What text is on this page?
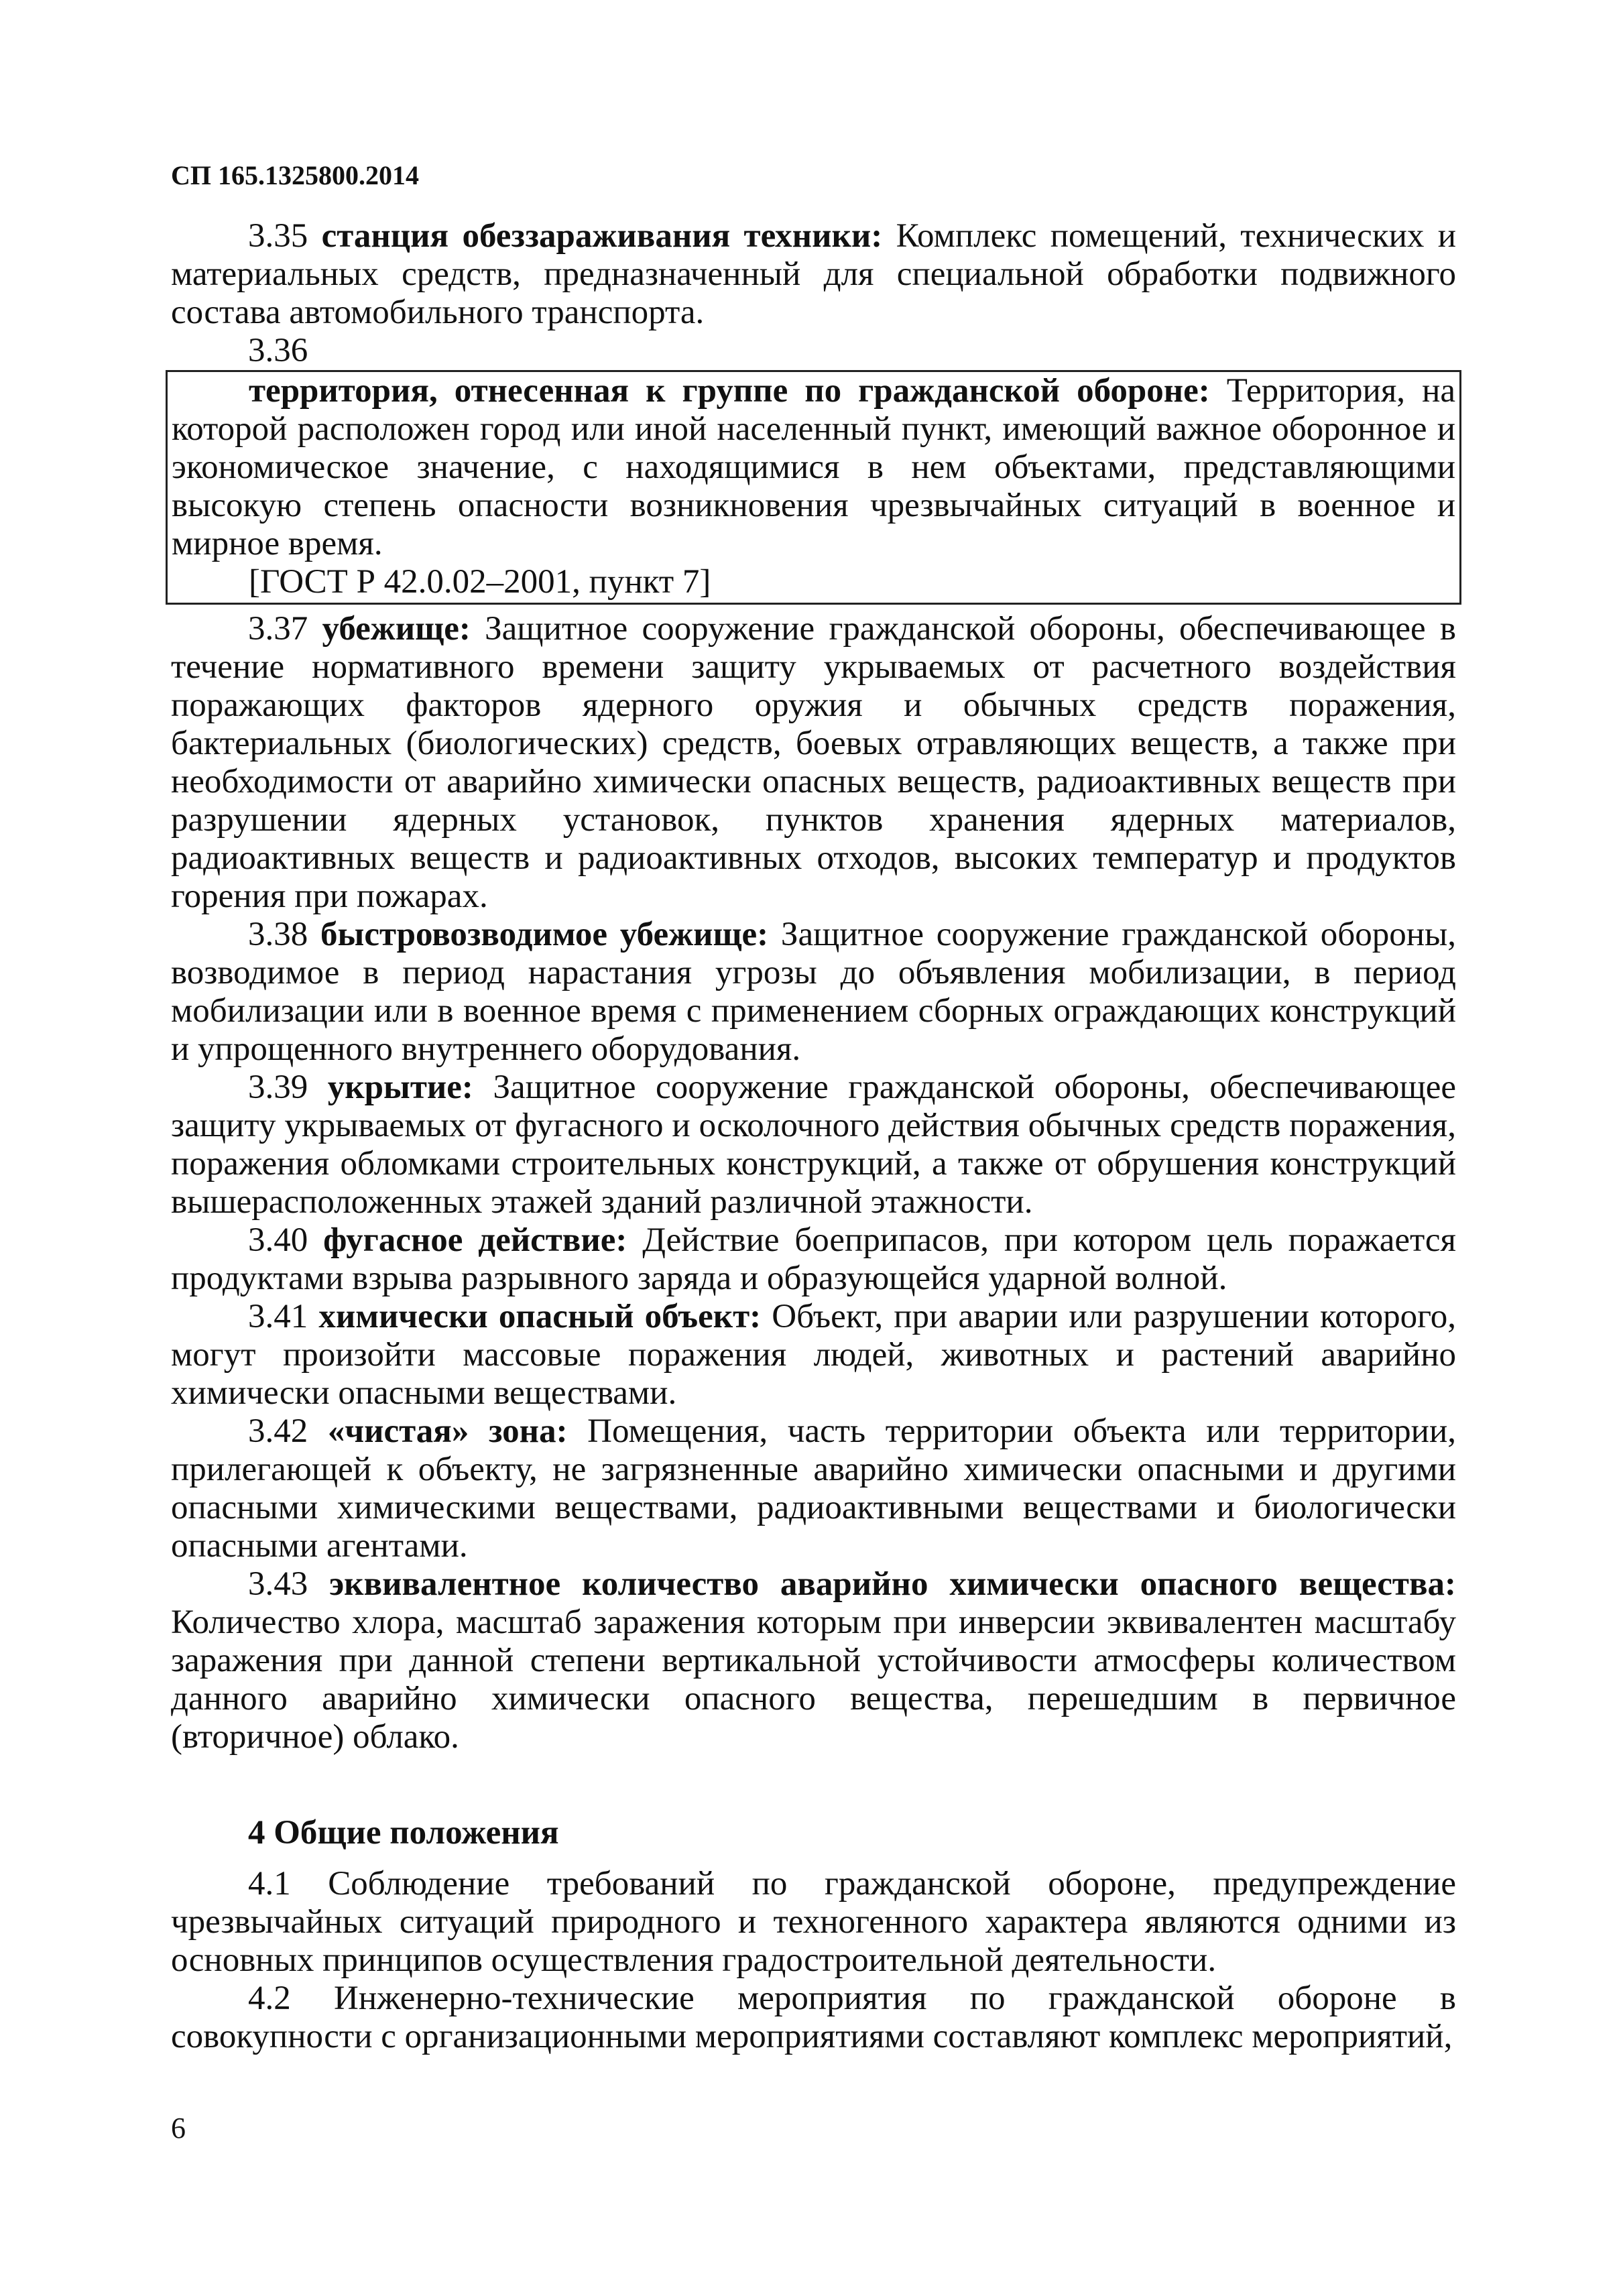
СП 165.1325800.2014

3.35 станция обеззараживания техники: Комплекс помещений, технических и материальных средств, предназначенный для специальной обработки подвижного состава автомобильного транспорта.

3.36

территория, отнесенная к группе по гражданской обороне: Территория, на которой расположен город или иной населенный пункт, имеющий важное оборонное и экономическое значение, с находящимися в нем объектами, представляющими высокую степень опасности возникновения чрезвычайных ситуаций в военное и мирное время.

[ГОСТ Р 42.0.02–2001, пункт 7]

3.37 убежище: Защитное сооружение гражданской обороны, обеспечивающее в течение нормативного времени защиту укрываемых от расчетного воздействия поражающих факторов ядерного оружия и обычных средств поражения, бактериальных (биологических) средств, боевых отравляющих веществ, а также при необходимости от аварийно химически опасных веществ, радиоактивных веществ при разрушении ядерных установок, пунктов хранения ядерных материалов, радиоактивных веществ и радиоактивных отходов, высоких температур и продуктов горения при пожарах.

3.38 быстровозводимое убежище: Защитное сооружение гражданской обороны, возводимое в период нарастания угрозы до объявления мобилизации, в период мобилизации или в военное время с применением сборных ограждающих конструкций и упрощенного внутреннего оборудования.

3.39 укрытие: Защитное сооружение гражданской обороны, обеспечивающее защиту укрываемых от фугасного и осколочного действия обычных средств поражения, поражения обломками строительных конструкций, а также от обрушения конструкций вышерасположенных этажей зданий различной этажности.

3.40 фугасное действие: Действие боеприпасов, при котором цель поражается продуктами взрыва разрывного заряда и образующейся ударной волной.

3.41 химически опасный объект: Объект, при аварии или разрушении которого, могут произойти массовые поражения людей, животных и растений аварийно химически опасными веществами.

3.42 «чистая» зона: Помещения, часть территории объекта или территории, прилегающей к объекту, не загрязненные аварийно химически опасными и другими опасными химическими веществами, радиоактивными веществами и биологически опасными агентами.

3.43 эквивалентное количество аварийно химически опасного вещества: Количество хлора, масштаб заражения которым при инверсии эквивалентен масштабу заражения при данной степени вертикальной устойчивости атмосферы количеством данного аварийно химически опасного вещества, перешедшим в первичное (вторичное) облако.

4 Общие положения

4.1 Соблюдение требований по гражданской обороне, предупреждение чрезвычайных ситуаций природного и техногенного характера являются одними из основных принципов осуществления градостроительной деятельности.

4.2 Инженерно-технические мероприятия по гражданской обороне в совокупности с организационными мероприятиями составляют комплекс мероприятий,

6
